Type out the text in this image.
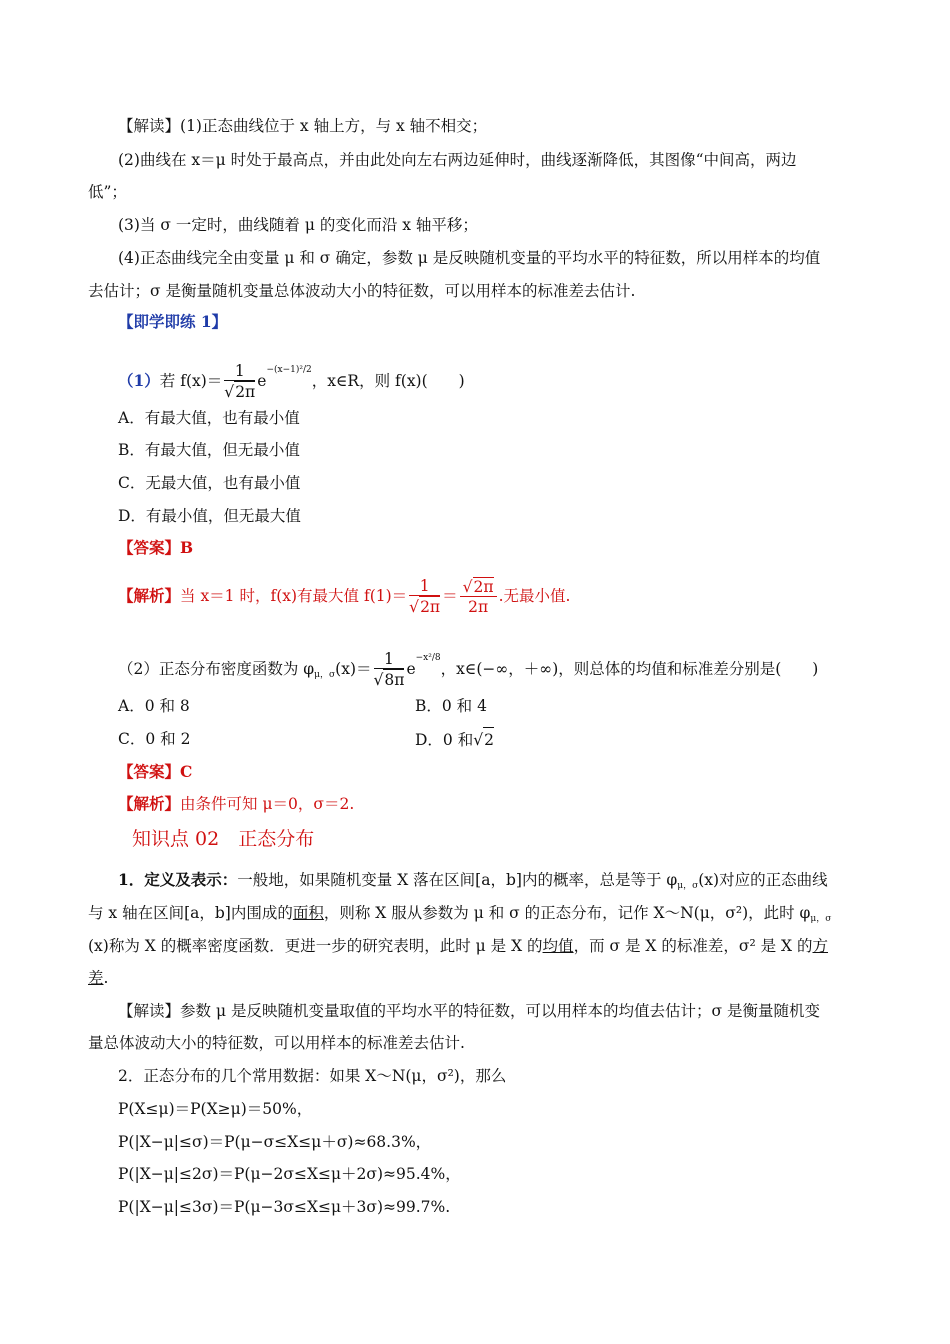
【解读】(1)正态曲线位于 x 轴上方，与 x 轴不相交；
(2)曲线在 x＝μ 时处于最高点，并由此处向左右两边延伸时，曲线逐渐降低，其图像“中间高，两边
低”；
(3)当 σ 一定时，曲线随着 μ 的变化而沿 x 轴平移；
(4)正态曲线完全由变量 μ 和 σ 确定，参数 μ 是反映随机变量的平均水平的特征数，所以用样本的均值
去估计；σ 是衡量随机变量总体波动大小的特征数，可以用样本的标准差去估计.
【即学即练 1】
（1）若 $f(x)= \frac{1}{√2\pi} e^{-(x-1)^2/2}$，x∈R，则 f(x)(　　)
A．有最大值，也有最小值
B．有最大值，但无最小值
C．无最大值，也有最小值
D．有最小值，但无最大值
【答案】B
【解析】当 x＝1 时，f(x)有最大值 $f(1)= \frac{1}{√2\pi} = \frac{√2\pi}{2\pi}$ .无最小值.
（2）正态分布密度函数为 $\varphi_{\mu,\sigma}(x)= \frac{1}{√8\pi} e^{-x^2/8}$，x∈(−∞，＋∞)，则总体的均值和标准差分别是(　　)
A．0 和 8	B．0 和 4
C．0 和 2	D．0 和√2
【答案】C
【解析】由条件可知 μ＝0，σ＝2.
知识点 02　正态分布
1．定义及表示：一般地，如果随机变量 X 落在区间[a，b]内的概率，总是等于 $\varphi_{\mu,\sigma}(x)$对应的正态曲线
与 x 轴在区间[a，b]内围成的面积，则称 X 服从参数为 μ 和 σ 的正态分布，记作 X～N(μ，σ²)，此时 $\varphi_{\mu,\sigma}$
(x)称为 X 的概率密度函数．更进一步的研究表明，此时 μ 是 X 的均值，而 σ 是 X 的标准差，σ² 是 X 的方
差.
【解读】参数 μ 是反映随机变量取值的平均水平的特征数，可以用样本的均值去估计；σ 是衡量随机变
量总体波动大小的特征数，可以用样本的标准差去估计.
2．正态分布的几个常用数据：如果 X～N(μ，σ²)，那么
P(X≤μ)＝P(X≥μ)＝50%，
P(|X−μ|≤σ)＝P(μ−σ≤X≤μ＋σ)≈68.3%，
P(|X−μ|≤2σ)＝P(μ−2σ≤X≤μ＋2σ)≈95.4%，
P(|X−μ|≤3σ)＝P(μ−3σ≤X≤μ＋3σ)≈99.7%.
